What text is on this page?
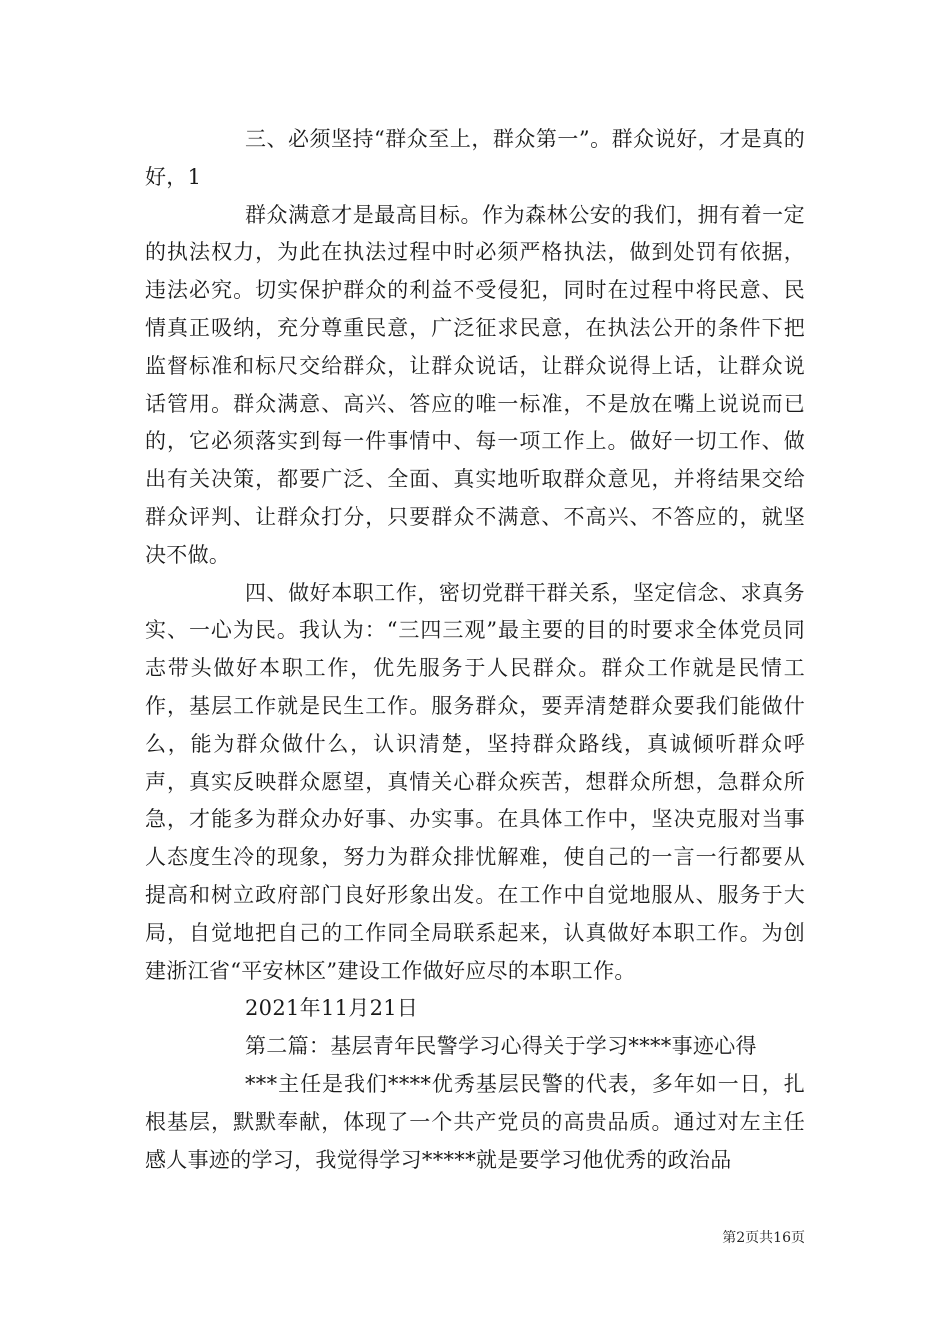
三、必须坚持“群众至上，群众第一”。群众说好，才是真的好，1

群众满意才是最高目标。作为森林公安的我们，拥有着一定的执法权力，为此在执法过程中时必须严格执法，做到处罚有依据，违法必究。切实保护群众的利益不受侵犯，同时在过程中将民意、民情真正吸纳，充分尊重民意，广泛征求民意，在执法公开的条件下把监督标准和标尺交给群众，让群众说话，让群众说得上话，让群众说话管用。群众满意、高兴、答应的唯一标准，不是放在嘴上说说而已的，它必须落实到每一件事情中、每一项工作上。做好一切工作、做出有关决策，都要广泛、全面、真实地听取群众意见，并将结果交给群众评判、让群众打分，只要群众不满意、不高兴、不答应的，就坚决不做。

四、做好本职工作，密切党群干群关系，坚定信念、求真务实、一心为民。我认为：“三四三观”最主要的目的时要求全体党员同志带头做好本职工作，优先服务于人民群众。群众工作就是民情工作，基层工作就是民生工作。服务群众，要弄清楚群众要我们能做什么，能为群众做什么，认识清楚，坚持群众路线，真诚倾听群众呼声，真实反映群众愿望，真情关心群众疾苦，想群众所想，急群众所急，才能多为群众办好事、办实事。在具体工作中，坚决克服对当事人态度生冷的现象，努力为群众排忧解难，使自己的一言一行都要从提高和树立政府部门良好形象出发。在工作中自觉地服从、服务于大局，自觉地把自己的工作同全局联系起来，认真做好本职工作。为创建浙江省“平安林区”建设工作做好应尽的本职工作。

2021年11月21日

第二篇：基层青年民警学习心得关于学习****事迹心得

***主任是我们****优秀基层民警的代表，多年如一日，扎根基层，默默奉献，体现了一个共产党员的高贵品质。通过对左主任感人事迹的学习，我觉得学习*****就是要学习他优秀的政治品

第2页共16页
